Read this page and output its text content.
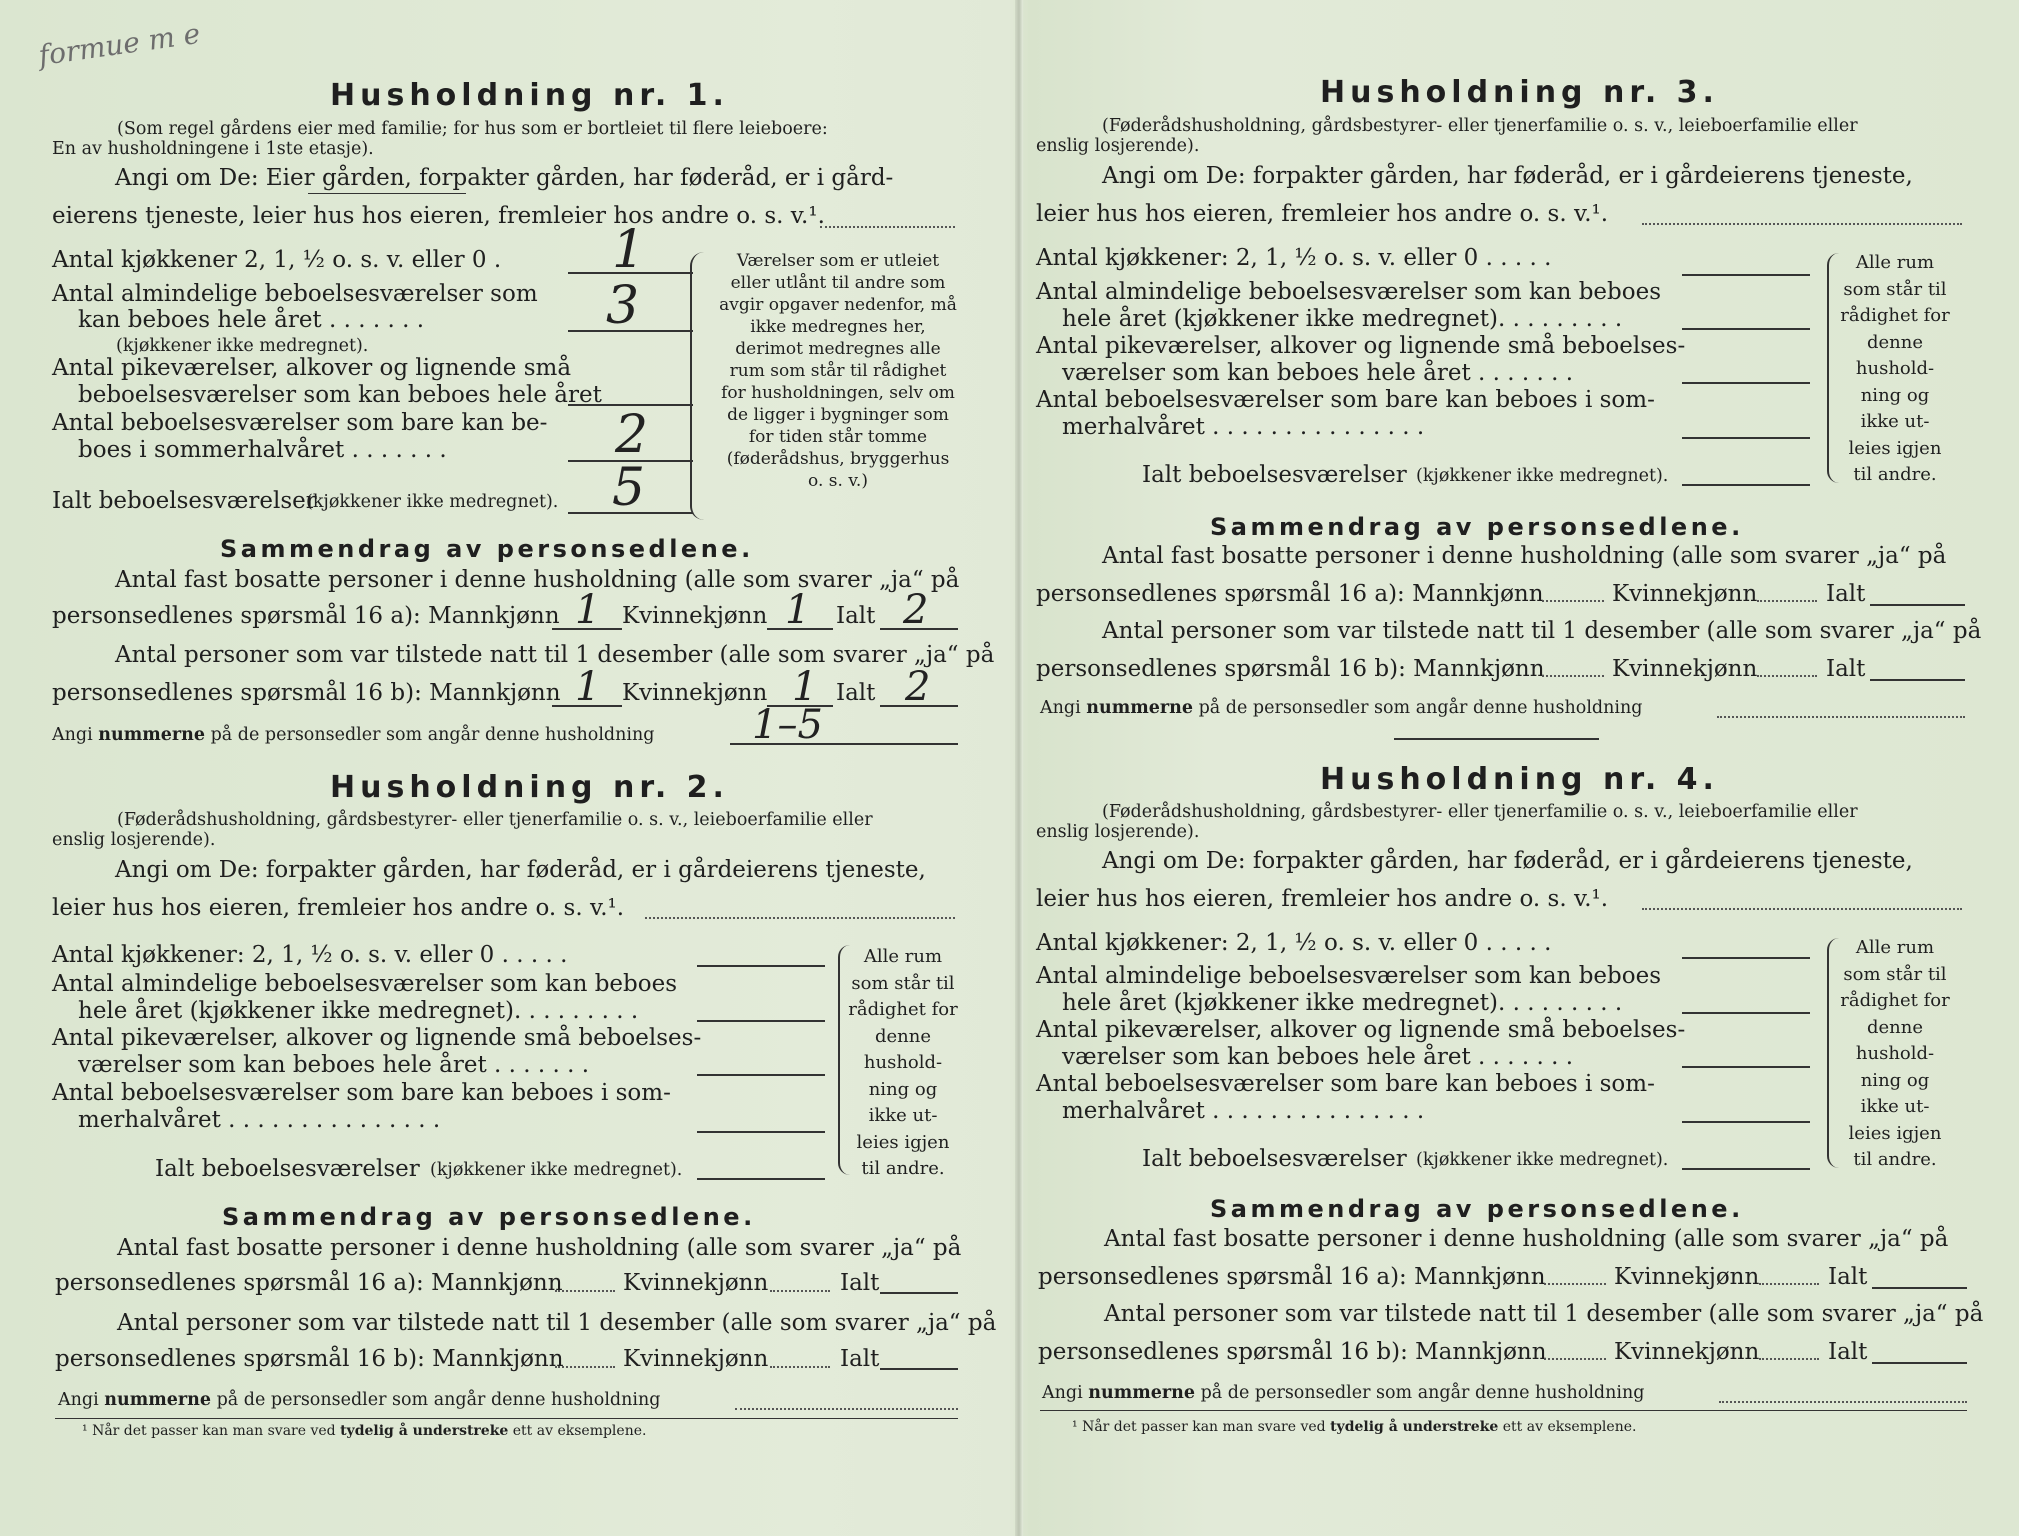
formue m e
Husholdning nr. 1.
(Som regel gårdens eier med familie; for hus som er bortleiet til flere leieboere:
En av husholdningene i 1ste etasje).
Angi om De: Eier gården, forpakter gården, har føderåd, er i gård-
eierens tjeneste, leier hus hos eieren, fremleier hos andre o. s. v.¹.
Antal kjøkkener 2, 1, ½ o. s. v. eller 0 . 1
Antal almindelige beboelsesværelser som
kan beboes hele året . . . . . . .	3
(kjøkkener ikke medregnet).
Antal pikeværelser, alkover og lignende små
beboelsesværelser som kan beboes hele året
Antal beboelsesværelser som bare kan be-
boes i sommerhalvåret . . . . . . .	2
Ialt beboelsesværelser
(kjøkkener ikke medregnet). 5
Værelser som er utleiet eller utlånt til andre som avgir opgaver nedenfor, må ikke medregnes her, derimot medregnes alle rum som står til rådighet for husholdningen, selv om de ligger i bygninger som for tiden står tomme (føderådshus, bryggerhus o. s. v.)
Sammendrag av personsedlene.
Antal fast bosatte personer i denne husholdning (alle som svarer „ja“ på
personsedlenes spørsmål 16 a): Mannkjønn 1 Kvinnekjønn 1 Ialt 2
Antal personer som var tilstede natt til 1 desember (alle som svarer „ja“ på
personsedlenes spørsmål 16 b): Mannkjønn 1 Kvinnekjønn 1 Ialt 2
Angi nummerne på de personsedler som angår denne husholdning 1–5
Husholdning nr. 2.
(Føderådshusholdning, gårdsbestyrer- eller tjenerfamilie o. s. v., leieboerfamilie eller
enslig losjerende).
Angi om De: forpakter gården, har føderåd, er i gårdeierens tjeneste,
leier hus hos eieren, fremleier hos andre o. s. v.¹.
Antal kjøkkener: 2, 1, ½ o. s. v. eller 0 . . . . .
Antal almindelige beboelsesværelser som kan beboes
hele året (kjøkkener ikke medregnet). . . . . . . . .
Antal pikeværelser, alkover og lignende små beboelses-
værelser som kan beboes hele året . . . . . . .
Antal beboelsesværelser som bare kan beboes i som-
merhalvåret . . . . . . . . . . . . . . .
Ialt beboelsesværelser (kjøkkener ikke medregnet).
Alle rum som står til rådighet for denne hushold-ning og ikke ut-leies igjen til andre.
Sammendrag av personsedlene.
Antal fast bosatte personer i denne husholdning (alle som svarer „ja“ på
personsedlenes spørsmål 16 a): Mannkjønn	Kvinnekjønn	Ialt
Antal personer som var tilstede natt til 1 desember (alle som svarer „ja“ på
personsedlenes spørsmål 16 b): Mannkjønn	Kvinnekjønn	Ialt
Angi nummerne på de personsedler som angår denne husholdning
¹ Når det passer kan man svare ved tydelig å understreke ett av eksemplene.
Husholdning nr. 3.
(Føderådshusholdning, gårdsbestyrer- eller tjenerfamilie o. s. v., leieboerfamilie eller
enslig losjerende).
Angi om De: forpakter gården, har føderåd, er i gårdeierens tjeneste,
leier hus hos eieren, fremleier hos andre o. s. v.¹.
Antal kjøkkener: 2, 1, ½ o. s. v. eller 0 . . . . .
Antal almindelige beboelsesværelser som kan beboes
hele året (kjøkkener ikke medregnet). . . . . . . . .
Antal pikeværelser, alkover og lignende små beboelses-
værelser som kan beboes hele året . . . . . . .
Antal beboelsesværelser som bare kan beboes i som-
merhalvåret . . . . . . . . . . . . . . .
Ialt beboelsesværelser (kjøkkener ikke medregnet).
Alle rum som står til rådighet for denne hushold-ning og ikke ut-leies igjen til andre.
Sammendrag av personsedlene.
Antal fast bosatte personer i denne husholdning (alle som svarer „ja“ på
personsedlenes spørsmål 16 a): Mannkjønn	Kvinnekjønn	Ialt
Antal personer som var tilstede natt til 1 desember (alle som svarer „ja“ på
personsedlenes spørsmål 16 b): Mannkjønn	Kvinnekjønn	Ialt
Angi nummerne på de personsedler som angår denne husholdning
Husholdning nr. 4.
(Føderådshusholdning, gårdsbestyrer- eller tjenerfamilie o. s. v., leieboerfamilie eller
enslig losjerende).
Angi om De: forpakter gården, har føderåd, er i gårdeierens tjeneste,
leier hus hos eieren, fremleier hos andre o. s. v.¹.
Antal kjøkkener: 2, 1, ½ o. s. v. eller 0 . . . . .
Antal almindelige beboelsesværelser som kan beboes
hele året (kjøkkener ikke medregnet). . . . . . . . .
Antal pikeværelser, alkover og lignende små beboelses-
værelser som kan beboes hele året . . . . . . .
Antal beboelsesværelser som bare kan beboes i som-
merhalvåret . . . . . . . . . . . . . . .
Ialt beboelsesværelser (kjøkkener ikke medregnet).
Alle rum som står til rådighet for denne hushold-ning og ikke ut-leies igjen til andre.
Sammendrag av personsedlene.
Antal fast bosatte personer i denne husholdning (alle som svarer „ja“ på
personsedlenes spørsmål 16 a): Mannkjønn	Kvinnekjønn	Ialt
Antal personer som var tilstede natt til 1 desember (alle som svarer „ja“ på
personsedlenes spørsmål 16 b): Mannkjønn	Kvinnekjønn	Ialt
Angi nummerne på de personsedler som angår denne husholdning
¹ Når det passer kan man svare ved tydelig å understreke ett av eksemplene.
